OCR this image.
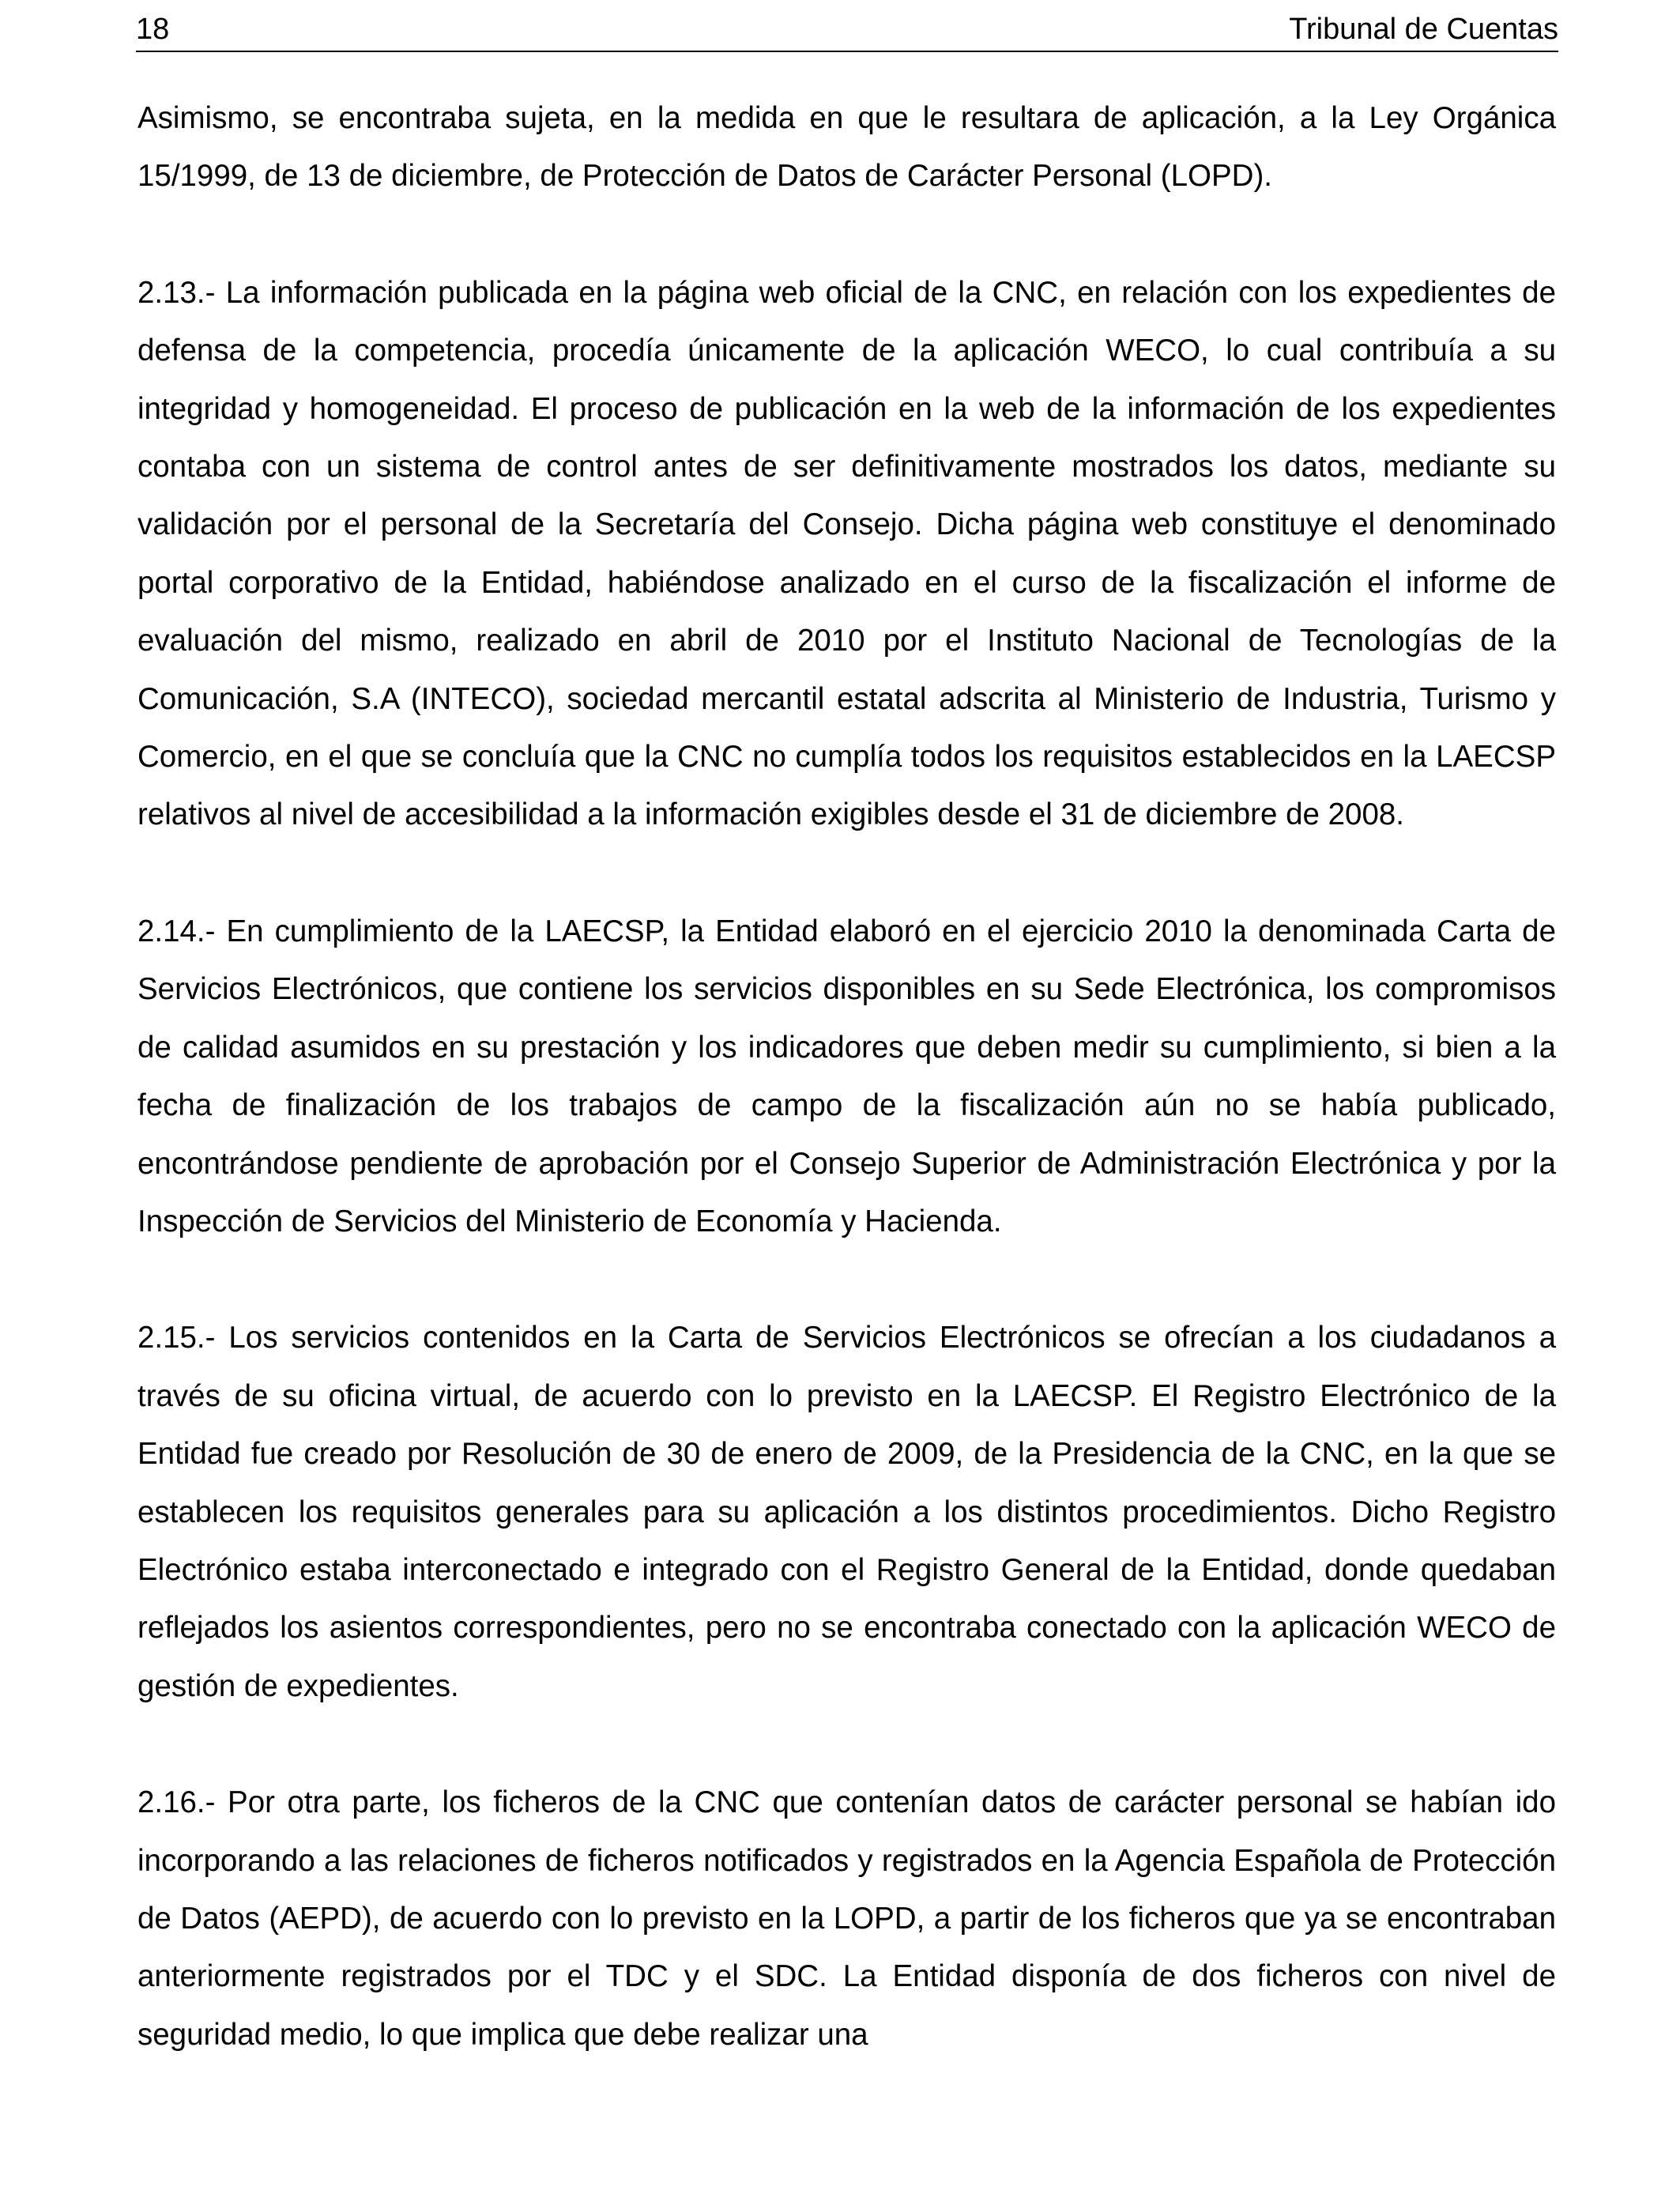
18	Tribunal de Cuentas

Asimismo, se encontraba sujeta, en la medida en que le resultara de aplicación, a la Ley Orgánica 15/1999, de 13 de diciembre, de Protección de Datos de Carácter Personal (LOPD).

2.13.- La información publicada en la página web oficial de la CNC, en relación con los expedientes de defensa de la competencia, procedía únicamente de la aplicación WECO, lo cual contribuía a su integridad y homogeneidad. El proceso de publicación en la web de la información de los expedientes contaba con un sistema de control antes de ser definitivamente mostrados los datos, mediante su validación por el personal de la Secretaría del Consejo. Dicha página web constituye el denominado portal corporativo de la Entidad, habiéndose analizado en el curso de la fiscalización el informe de evaluación del mismo, realizado en abril de 2010 por el Instituto Nacional de Tecnologías de la Comunicación, S.A (INTECO), sociedad mercantil estatal adscrita al Ministerio de Industria, Turismo y Comercio, en el que se concluía que la CNC no cumplía todos los requisitos establecidos en la LAECSP relativos al nivel de accesibilidad a la información exigibles desde el 31 de diciembre de 2008.

2.14.- En cumplimiento de la LAECSP, la Entidad elaboró en el ejercicio 2010 la denominada Carta de Servicios Electrónicos, que contiene los servicios disponibles en su Sede Electrónica, los compromisos de calidad asumidos en su prestación y los indicadores que deben medir su cumplimiento, si bien a la fecha de finalización de los trabajos de campo de la fiscalización aún no se había publicado, encontrándose pendiente de aprobación por el Consejo Superior de Administración Electrónica y por la Inspección de Servicios del Ministerio de Economía y Hacienda.

2.15.- Los servicios contenidos en la Carta de Servicios Electrónicos se ofrecían a los ciudadanos a través de su oficina virtual, de acuerdo con lo previsto en la LAECSP. El Registro Electrónico de la Entidad fue creado por Resolución de 30 de enero de 2009, de la Presidencia de la CNC, en la que se establecen los requisitos generales para su aplicación a los distintos procedimientos. Dicho Registro Electrónico estaba interconectado e integrado con el Registro General de la Entidad, donde quedaban reflejados los asientos correspondientes, pero no se encontraba conectado con la aplicación WECO de gestión de expedientes.

2.16.- Por otra parte, los ficheros de la CNC que contenían datos de carácter personal se habían ido incorporando a las relaciones de ficheros notificados y registrados en la Agencia Española de Protección de Datos (AEPD), de acuerdo con lo previsto en la LOPD, a partir de los ficheros que ya se encontraban anteriormente registrados por el TDC y el SDC. La Entidad disponía de dos ficheros con nivel de seguridad medio, lo que implica que debe realizar una
